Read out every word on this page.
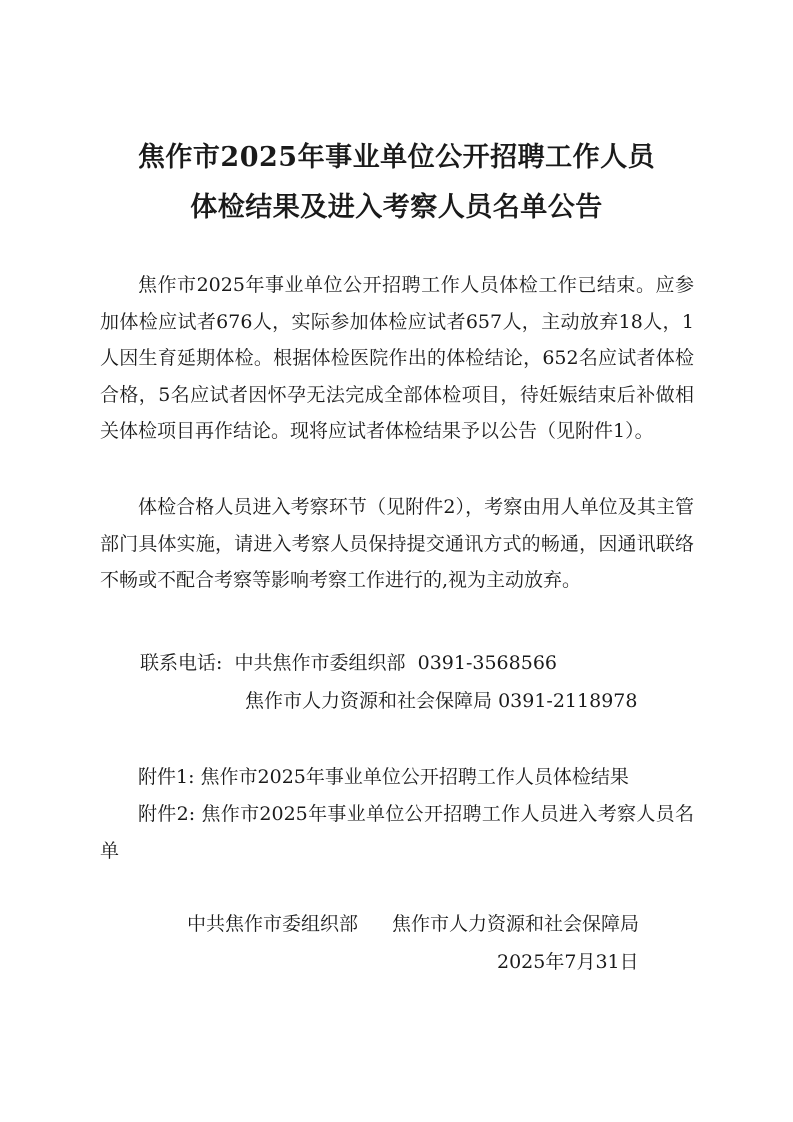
焦作市2025年事业单位公开招聘工作人员
体检结果及进入考察人员名单公告

焦作市2025年事业单位公开招聘工作人员体检工作已结束。应参加体检应试者676人，实际参加体检应试者657人，主动放弃18人，1人因生育延期体检。根据体检医院作出的体检结论，652名应试者体检合格，5名应试者因怀孕无法完成全部体检项目，待妊娠结束后补做相关体检项目再作结论。现将应试者体检结果予以公告（见附件1）。

体检合格人员进入考察环节（见附件2），考察由用人单位及其主管部门具体实施，请进入考察人员保持提交通讯方式的畅通，因通讯联络不畅或不配合考察等影响考察工作进行的,视为主动放弃。

联系电话: 中共焦作市委组织部 0391-3568566
焦作市人力资源和社会保障局 0391-2118978
附件1: 焦作市2025年事业单位公开招聘工作人员体检结果
附件2: 焦作市2025年事业单位公开招聘工作人员进入考察人员名单
中共焦作市委组织部 焦作市人力资源和社会保障局
2025年7月31日
